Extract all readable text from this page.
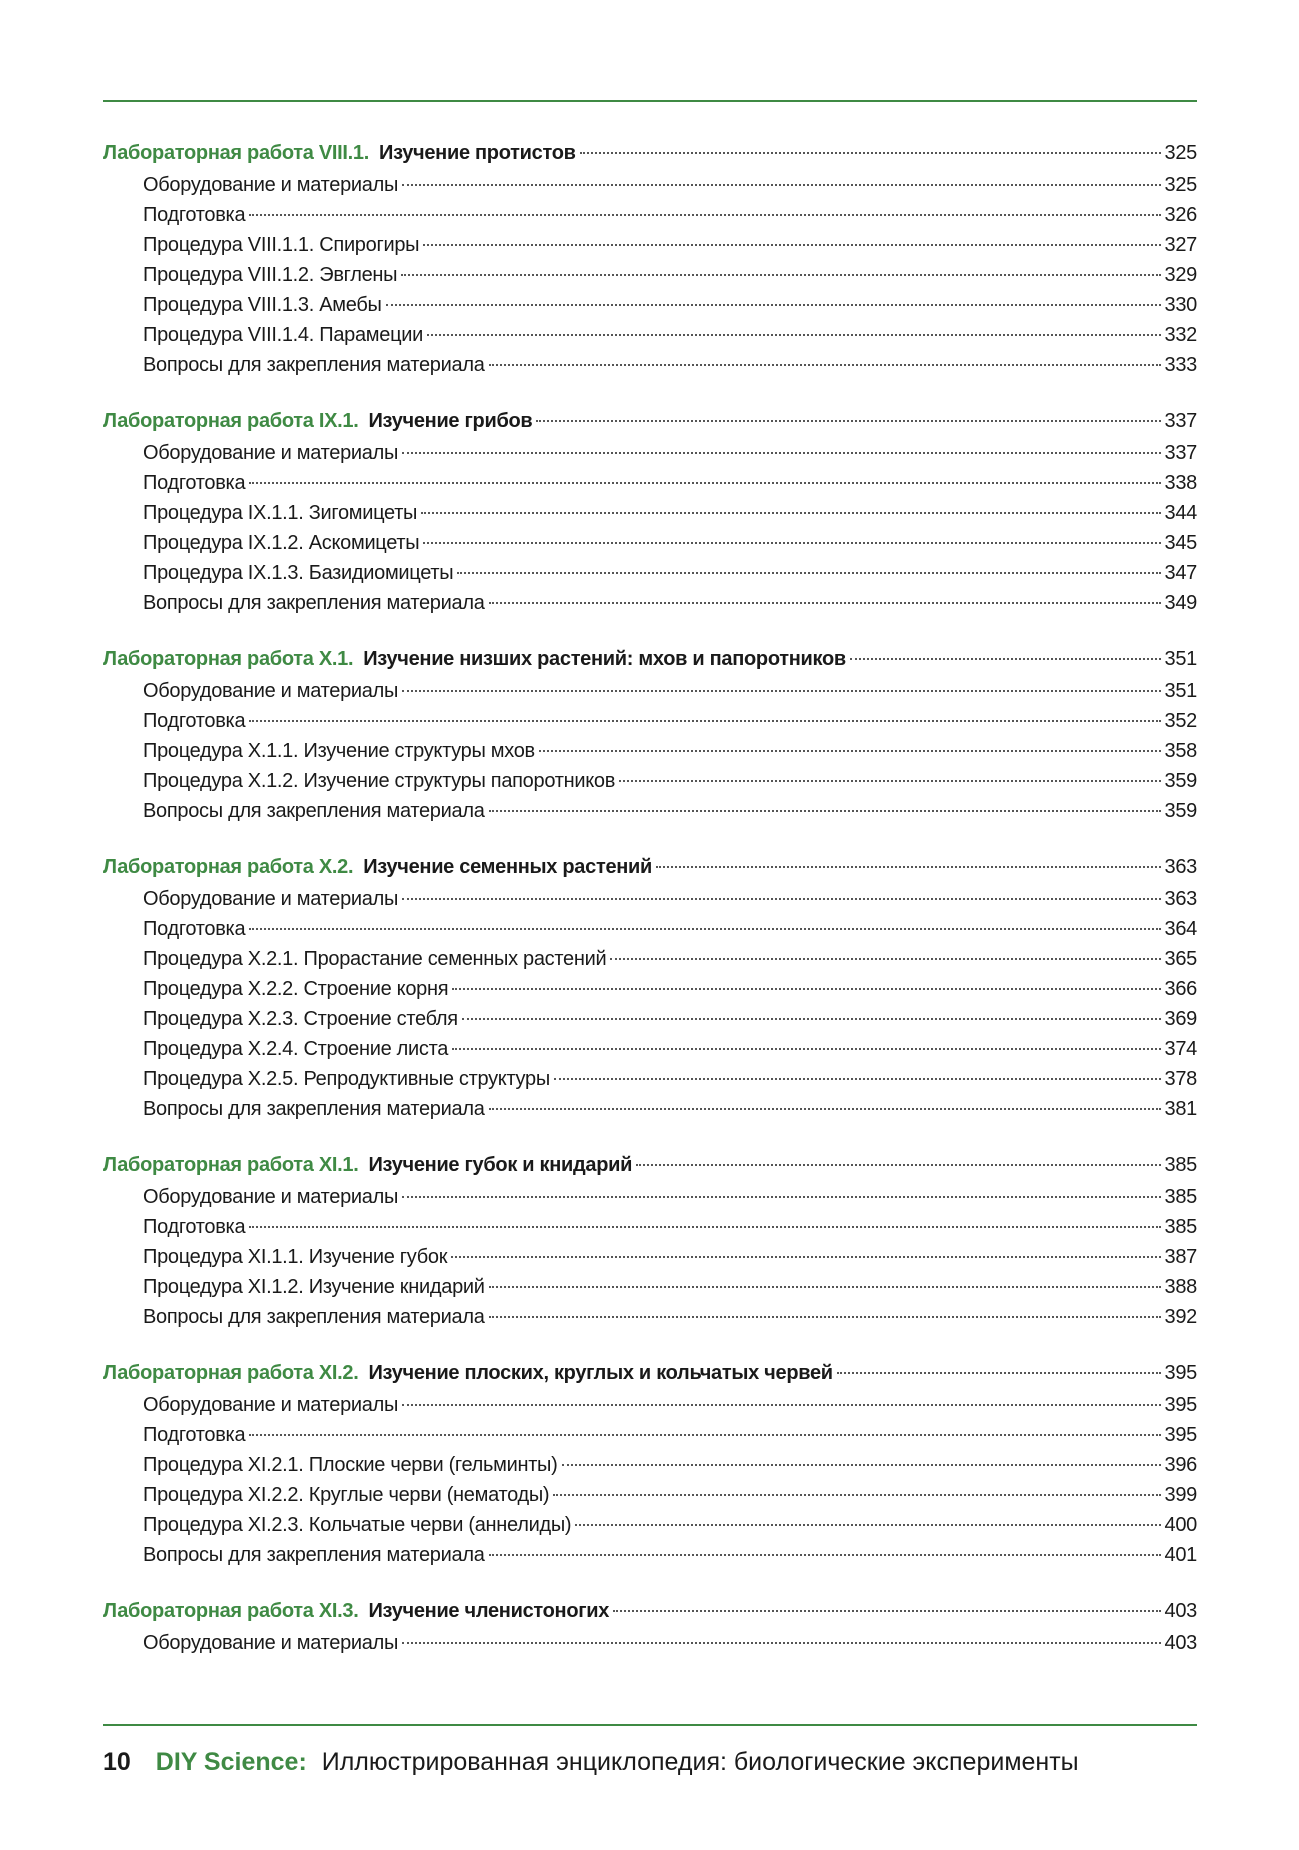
Лабораторная работа VIII.1. Изучение протистов	325
Оборудование и материалы	325
Подготовка	326
Процедура VIII.1.1. Спирогиры	327
Процедура VIII.1.2. Эвглены	329
Процедура VIII.1.3. Амебы	330
Процедура VIII.1.4. Парамеции	332
Вопросы для закрепления материала	333
Лабораторная работа IX.1. Изучение грибов	337
Оборудование и материалы	337
Подготовка	338
Процедура IX.1.1. Зигомицеты	344
Процедура IX.1.2. Аскомицеты	345
Процедура IX.1.3. Базидиомицеты	347
Вопросы для закрепления материала	349
Лабораторная работа X.1. Изучение низших растений: мхов и папоротников	351
Оборудование и материалы	351
Подготовка	352
Процедура X.1.1. Изучение структуры мхов	358
Процедура X.1.2. Изучение структуры папоротников	359
Вопросы для закрепления материала	359
Лабораторная работа X.2. Изучение семенных растений	363
Оборудование и материалы	363
Подготовка	364
Процедура X.2.1. Прорастание семенных растений	365
Процедура X.2.2. Строение корня	366
Процедура X.2.3. Строение стебля	369
Процедура X.2.4. Строение листа	374
Процедура X.2.5. Репродуктивные структуры	378
Вопросы для закрепления материала	381
Лабораторная работа XI.1. Изучение губок и книдарий	385
Оборудование и материалы	385
Подготовка	385
Процедура XI.1.1. Изучение губок	387
Процедура XI.1.2. Изучение книдарий	388
Вопросы для закрепления материала	392
Лабораторная работа XI.2. Изучение плоских, круглых и кольчатых червей	395
Оборудование и материалы	395
Подготовка	395
Процедура XI.2.1. Плоские черви (гельминты)	396
Процедура XI.2.2. Круглые черви (нематоды)	399
Процедура XI.2.3. Кольчатые черви (аннелиды)	400
Вопросы для закрепления материала	401
Лабораторная работа XI.3. Изучение членистоногих	403
Оборудование и материалы	403
10 DIY Science: Иллюстрированная энциклопедия: биологические эксперименты
